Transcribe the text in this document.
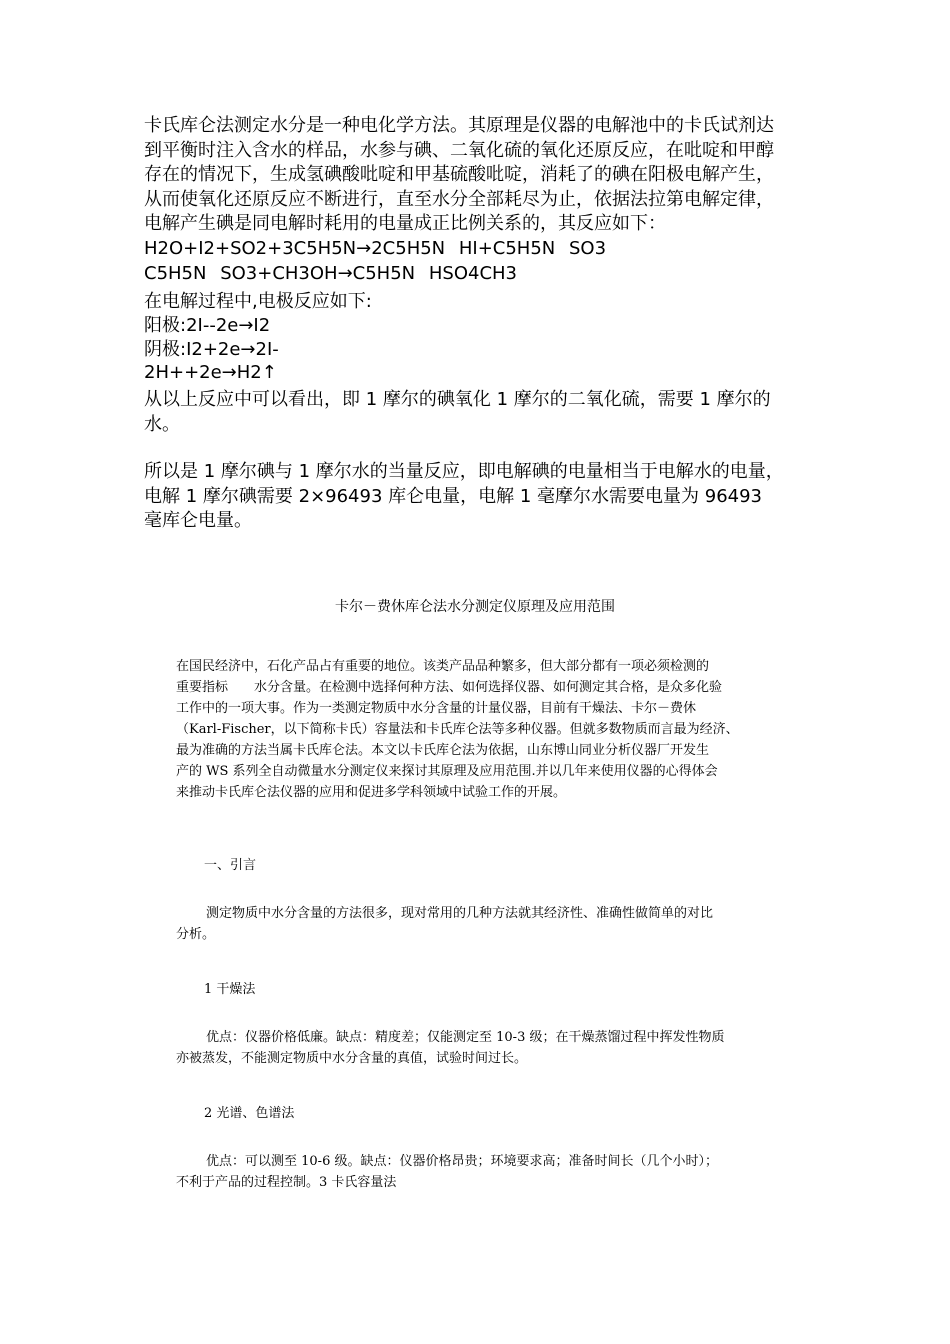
卡氏库仑法测定水分是一种电化学方法。其原理是仪器的电解池中的卡氏试剂达
到平衡时注入含水的样品，水参与碘、二氧化硫的氧化还原反应，在吡啶和甲醇
存在的情况下，生成氢碘酸吡啶和甲基硫酸吡啶，消耗了的碘在阳极电解产生，
从而使氧化还原反应不断进行，直至水分全部耗尽为止，依据法拉第电解定律，
电解产生碘是同电解时耗用的电量成正比例关系的，其反应如下：
H2O+I2+SO2+3C5H5N→2C5H5N HI+C5H5N SO3
C5H5N SO3+CH3OH→C5H5N HSO4CH3
在电解过程中,电极反应如下:
阳极:2I--2e→I2
阴极:I2+2e→2I-
2H++2e→H2↑
从以上反应中可以看出，即 1 摩尔的碘氧化 1 摩尔的二氧化硫，需要 1 摩尔的
水。
所以是 1 摩尔碘与 1 摩尔水的当量反应，即电解碘的电量相当于电解水的电量，
电解 1 摩尔碘需要 2×96493 库仑电量，电解 1 毫摩尔水需要电量为 96493
毫库仑电量。
卡尔－费休库仑法水分测定仪原理及应用范围
在国民经济中，石化产品占有重要的地位。该类产品品种繁多，但大部分都有一项必须检测的
重要指标　　水分含量。在检测中选择何种方法、如何选择仪器、如何测定其合格，是众多化验
工作中的一项大事。作为一类测定物质中水分含量的计量仪器，目前有干燥法、卡尔－费休
（Karl-Fischer，以下简称卡氏）容量法和卡氏库仑法等多种仪器。但就多数物质而言最为经济、
最为准确的方法当属卡氏库仑法。本文以卡氏库仑法为依据，山东博山同业分析仪器厂开发生
产的 WS 系列全自动微量水分测定仪来探讨其原理及应用范围.并以几年来使用仪器的心得体会
来推动卡氏库仑法仪器的应用和促进多学科领域中试验工作的开展。
一、引言
测定物质中水分含量的方法很多，现对常用的几种方法就其经济性、准确性做简单的对比
分析。
1 干燥法
优点：仪器价格低廉。缺点：精度差；仅能测定至 10-3 级；在干燥蒸馏过程中挥发性物质
亦被蒸发，不能测定物质中水分含量的真值，试验时间过长。
2 光谱、色谱法
优点：可以测至 10-6 级。缺点：仪器价格昂贵；环境要求高；准备时间长（几个小时）；
不利于产品的过程控制。3 卡氏容量法
